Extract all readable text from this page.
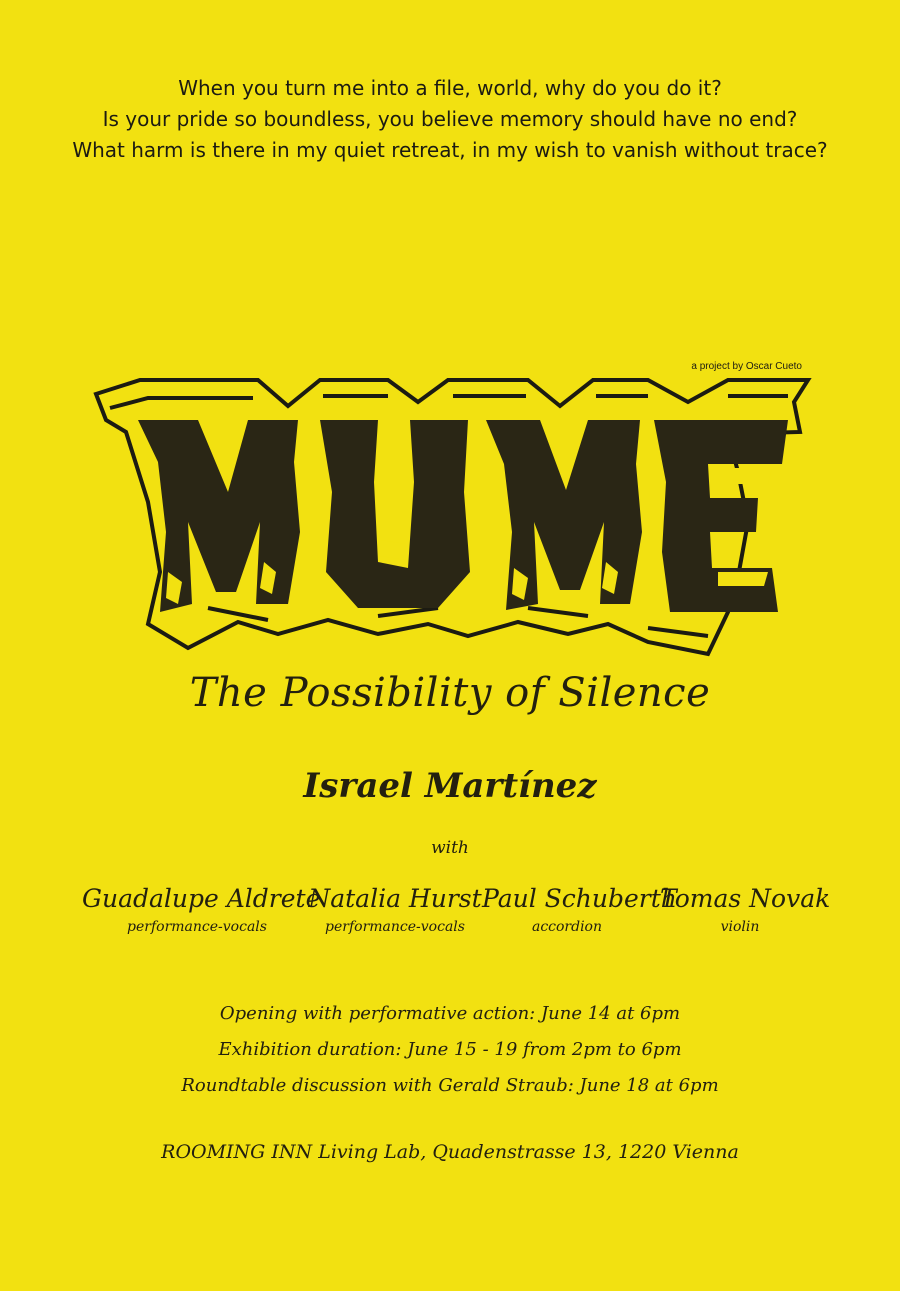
When you turn me into a file, world, why do you do it?
Is your pride so boundless, you believe memory should have no end?
What harm is there in my quiet retreat, in my wish to vanish without trace?
a project by Oscar Cueto
The Possibility of Silence
Israel Martínez
with
Guadalupe Aldrete
performance-vocals
Natalia Hurst
performance-vocals
Paul Schuberth
accordion
Tomas Novak
violin
Opening with performative action: June 14 at 6pm
Exhibition duration: June 15 - 19 from 2pm to 6pm
Roundtable discussion with Gerald Straub: June 18 at 6pm
ROOMING INN Living Lab, Quadenstrasse 13, 1220 Vienna
